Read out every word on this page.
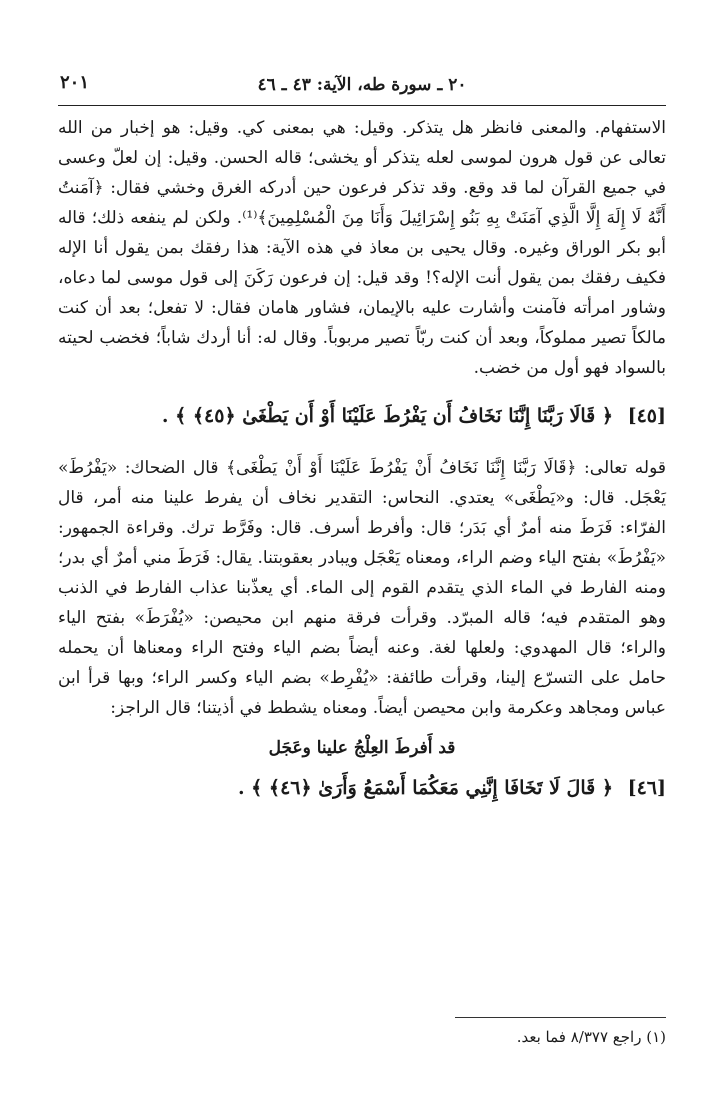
٢٠ ـ سورة طه، الآية: ٤٣ ـ ٤٦
٢٠١

الاستفهام. والمعنى فانظر هل يتذكر. وقيل: هي بمعنى كي. وقيل: هو إخبار من الله تعالى عن قول هرون لموسى لعله يتذكر أو يخشى؛ قاله الحسن. وقيل: إن لعلّ وعسى في جميع القرآن لما قد وقع. وقد تذكر فرعون حين أدركه الغرق وخشي فقال: ﴿آمَنتُ أَنَّهُ لَا إِلَهَ إِلَّا الَّذِي آمَنَتْ بِهِ بَنُو إِسْرَائِيلَ وَأَنَا مِنَ الْمُسْلِمِينَ﴾⁽¹⁾. ولكن لم ينفعه ذلك؛ قاله أبو بكر الوراق وغيره. وقال يحيى بن معاذ في هذه الآية: هذا رفقك بمن يقول أنا الإله فكيف رفقك بمن يقول أنت الإله؟! وقد قيل: إن فرعون رَكَنَ إلى قول موسى لما دعاه، وشاور امرأته فآمنت وأشارت عليه بالإيمان، فشاور هامان فقال: لا تفعل؛ بعد أن كنت مالكاً تصير مملوكاً، وبعد أن كنت ربّاً تصير مربوباً. وقال له: أنا أردك شاباً؛ فخضب لحيته بالسواد فهو أول من خضب.

[٤٥] ﴿ قَالَا رَبَّنَا إِنَّنَا نَخَافُ أَن يَفْرُطَ عَلَيْنَا أَوْ أَن يَطْغَىٰ ﴿٤٥﴾ ﴾ .

قوله تعالى: ﴿قَالَا رَبَّنَا إِنَّنَا نَخَافُ أَنْ يَفْرُطَ عَلَيْنَا أَوْ أَنْ يَطْغَى﴾ قال الضحاك: «يَفْرُطَ» يَعْجَل. قال: و«يَطْغَى» يعتدي. النحاس: التقدير نخاف أن يفرط علينا منه أمر، قال الفرّاء: فَرَطَ منه أمرٌ أي بَدَر؛ قال: وأفرط أسرف. قال: وفَرَّط ترك. وقراءة الجمهور: «يَفْرُطَ» بفتح الياء وضم الراء، ومعناه يَعْجَل ويبادر بعقوبتنا. يقال: فَرَطَ مني أمرٌ أي بدر؛ ومنه الفارط في الماء الذي يتقدم القوم إلى الماء. أي يعذّبنا عذاب الفارط في الذنب وهو المتقدم فيه؛ قاله المبرّد. وقرأت فرقة منهم ابن محيصن: «يُفْرَطَ» بفتح الياء والراء؛ قال المهدوي: ولعلها لغة. وعنه أيضاً بضم الياء وفتح الراء ومعناها أن يحمله حامل على التسرّع إلينا، وقرأت طائفة: «يُفْرِط» بضم الياء وكسر الراء؛ وبها قرأ ابن عباس ومجاهد وعكرمة وابن محيصن أيضاً. ومعناه يشطط في أذيتنا؛ قال الراجز:

قد أَفرطَ العِلْجُ علينا وعَجَل

[٤٦] ﴿ قَالَ لَا تَخَافَا إِنَّنِي مَعَكُمَا أَسْمَعُ وَأَرَىٰ ﴿٤٦﴾ ﴾ .

(١) راجع ٨/٣٧٧ فما بعد.
